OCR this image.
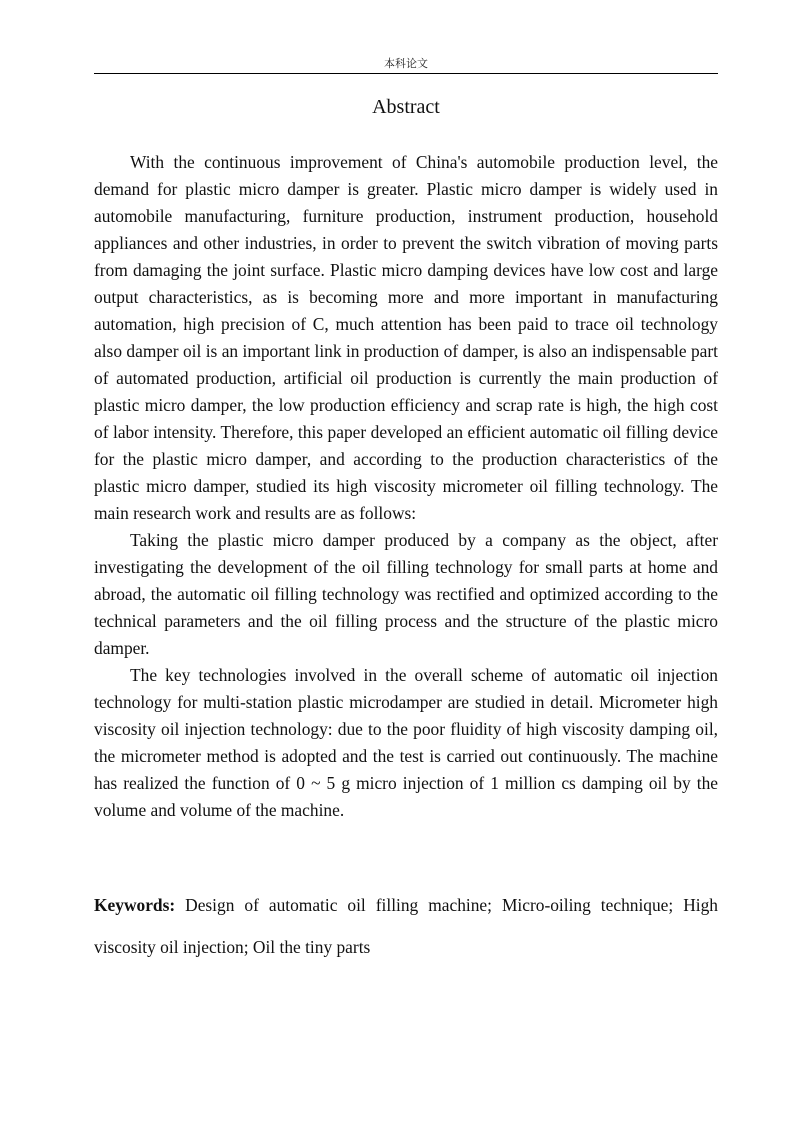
本科论文
Abstract

With the continuous improvement of China's automobile production level, the demand for plastic micro damper is greater. Plastic micro damper is widely used in automobile manufacturing, furniture production, instrument production, household appliances and other industries, in order to prevent the switch vibration of moving parts from damaging the joint surface. Plastic micro damping devices have low cost and large output characteristics, as is becoming more and more important in manufacturing automation, high precision of C, much attention has been paid to trace oil technology also damper oil is an important link in production of damper, is also an indispensable part of automated production, artificial oil production is currently the main production of plastic micro damper, the low production efficiency and scrap rate is high, the high cost of labor intensity. Therefore, this paper developed an efficient automatic oil filling device for the plastic micro damper, and according to the production characteristics of the plastic micro damper, studied its high viscosity micrometer oil filling technology. The main research work and results are as follows:

Taking the plastic micro damper produced by a company as the object, after investigating the development of the oil filling technology for small parts at home and abroad, the automatic oil filling technology was rectified and optimized according to the technical parameters and the oil filling process and the structure of the plastic micro damper.

The key technologies involved in the overall scheme of automatic oil injection technology for multi-station plastic microdamper are studied in detail. Micrometer high viscosity oil injection technology: due to the poor fluidity of high viscosity damping oil, the micrometer method is adopted and the test is carried out continuously. The machine has realized the function of 0 ~ 5 g micro injection of 1 million cs damping oil by the volume and volume of the machine.

Keywords: Design of automatic oil filling machine; Micro-oiling technique; High viscosity oil injection; Oil the tiny parts
